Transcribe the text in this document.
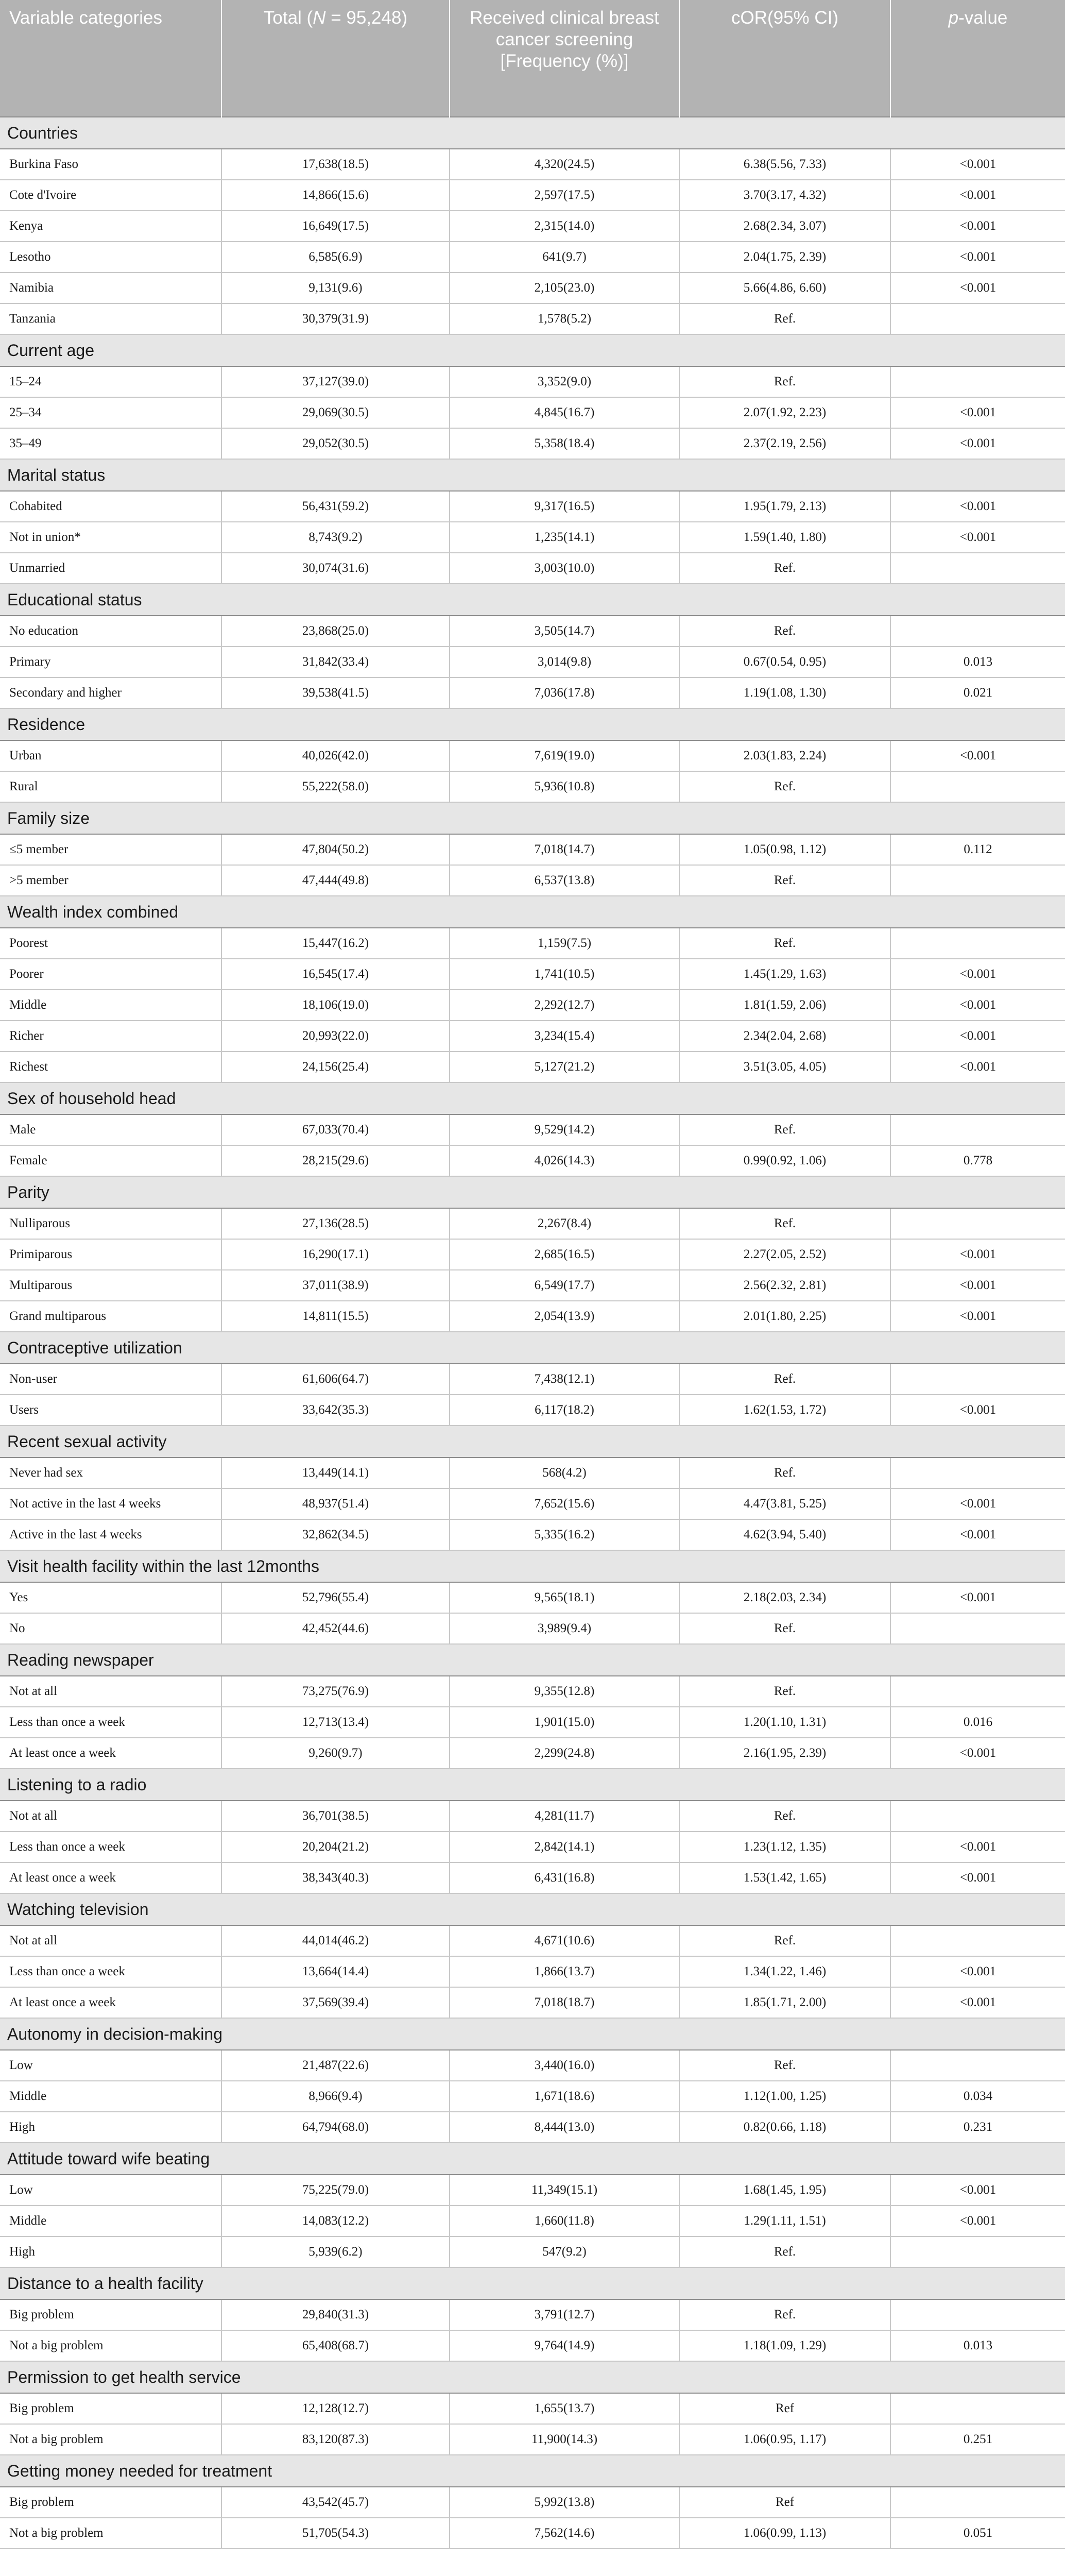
Variable categories	Total (N = 95,248)	Received clinical breast cancer screening [Frequency (%)]	cOR(95% CI)	p-value
Countries				
Burkina Faso	17,638(18.5)	4,320(24.5)	6.38(5.56, 7.33)	<0.001
Cote d'Ivoire	14,866(15.6)	2,597(17.5)	3.70(3.17, 4.32)	<0.001
Kenya	16,649(17.5)	2,315(14.0)	2.68(2.34, 3.07)	<0.001
Lesotho	6,585(6.9)	641(9.7)	2.04(1.75, 2.39)	<0.001
Namibia	9,131(9.6)	2,105(23.0)	5.66(4.86, 6.60)	<0.001
Tanzania	30,379(31.9)	1,578(5.2)	Ref.	
Current age				
15–24	37,127(39.0)	3,352(9.0)	Ref.	
25–34	29,069(30.5)	4,845(16.7)	2.07(1.92, 2.23)	<0.001
35–49	29,052(30.5)	5,358(18.4)	2.37(2.19, 2.56)	<0.001
Marital status				
Cohabited	56,431(59.2)	9,317(16.5)	1.95(1.79, 2.13)	<0.001
Not in union*	8,743(9.2)	1,235(14.1)	1.59(1.40, 1.80)	<0.001
Unmarried	30,074(31.6)	3,003(10.0)	Ref.	
Educational status				
No education	23,868(25.0)	3,505(14.7)	Ref.	
Primary	31,842(33.4)	3,014(9.8)	0.67(0.54, 0.95)	0.013
Secondary and higher	39,538(41.5)	7,036(17.8)	1.19(1.08, 1.30)	0.021
Residence				
Urban	40,026(42.0)	7,619(19.0)	2.03(1.83, 2.24)	<0.001
Rural	55,222(58.0)	5,936(10.8)	Ref.	
Family size				
≤5 member	47,804(50.2)	7,018(14.7)	1.05(0.98, 1.12)	0.112
>5 member	47,444(49.8)	6,537(13.8)	Ref.	
Wealth index combined				
Poorest	15,447(16.2)	1,159(7.5)	Ref.	
Poorer	16,545(17.4)	1,741(10.5)	1.45(1.29, 1.63)	<0.001
Middle	18,106(19.0)	2,292(12.7)	1.81(1.59, 2.06)	<0.001
Richer	20,993(22.0)	3,234(15.4)	2.34(2.04, 2.68)	<0.001
Richest	24,156(25.4)	5,127(21.2)	3.51(3.05, 4.05)	<0.001
Sex of household head				
Male	67,033(70.4)	9,529(14.2)	Ref.	
Female	28,215(29.6)	4,026(14.3)	0.99(0.92, 1.06)	0.778
Parity				
Nulliparous	27,136(28.5)	2,267(8.4)	Ref.	
Primiparous	16,290(17.1)	2,685(16.5)	2.27(2.05, 2.52)	<0.001
Multiparous	37,011(38.9)	6,549(17.7)	2.56(2.32, 2.81)	<0.001
Grand multiparous	14,811(15.5)	2,054(13.9)	2.01(1.80, 2.25)	<0.001
Contraceptive utilization				
Non-user	61,606(64.7)	7,438(12.1)	Ref.	
Users	33,642(35.3)	6,117(18.2)	1.62(1.53, 1.72)	<0.001
Recent sexual activity				
Never had sex	13,449(14.1)	568(4.2)	Ref.	
Not active in the last 4 weeks	48,937(51.4)	7,652(15.6)	4.47(3.81, 5.25)	<0.001
Active in the last 4 weeks	32,862(34.5)	5,335(16.2)	4.62(3.94, 5.40)	<0.001
Visit health facility within the last 12months				
Yes	52,796(55.4)	9,565(18.1)	2.18(2.03, 2.34)	<0.001
No	42,452(44.6)	3,989(9.4)	Ref.	
Reading newspaper				
Not at all	73,275(76.9)	9,355(12.8)	Ref.	
Less than once a week	12,713(13.4)	1,901(15.0)	1.20(1.10, 1.31)	0.016
At least once a week	9,260(9.7)	2,299(24.8)	2.16(1.95, 2.39)	<0.001
Listening to a radio				
Not at all	36,701(38.5)	4,281(11.7)	Ref.	
Less than once a week	20,204(21.2)	2,842(14.1)	1.23(1.12, 1.35)	<0.001
At least once a week	38,343(40.3)	6,431(16.8)	1.53(1.42, 1.65)	<0.001
Watching television				
Not at all	44,014(46.2)	4,671(10.6)	Ref.	
Less than once a week	13,664(14.4)	1,866(13.7)	1.34(1.22, 1.46)	<0.001
At least once a week	37,569(39.4)	7,018(18.7)	1.85(1.71, 2.00)	<0.001
Autonomy in decision-making				
Low	21,487(22.6)	3,440(16.0)	Ref.	
Middle	8,966(9.4)	1,671(18.6)	1.12(1.00, 1.25)	0.034
High	64,794(68.0)	8,444(13.0)	0.82(0.66, 1.18)	0.231
Attitude toward wife beating				
Low	75,225(79.0)	11,349(15.1)	1.68(1.45, 1.95)	<0.001
Middle	14,083(12.2)	1,660(11.8)	1.29(1.11, 1.51)	<0.001
High	5,939(6.2)	547(9.2)	Ref.	
Distance to a health facility				
Big problem	29,840(31.3)	3,791(12.7)	Ref.	
Not a big problem	65,408(68.7)	9,764(14.9)	1.18(1.09, 1.29)	0.013
Permission to get health service				
Big problem	12,128(12.7)	1,655(13.7)	Ref	
Not a big problem	83,120(87.3)	11,900(14.3)	1.06(0.95, 1.17)	0.251
Getting money needed for treatment				
Big problem	43,542(45.7)	5,992(13.8)	Ref	
Not a big problem	51,705(54.3)	7,562(14.6)	1.06(0.99, 1.13)	0.051
